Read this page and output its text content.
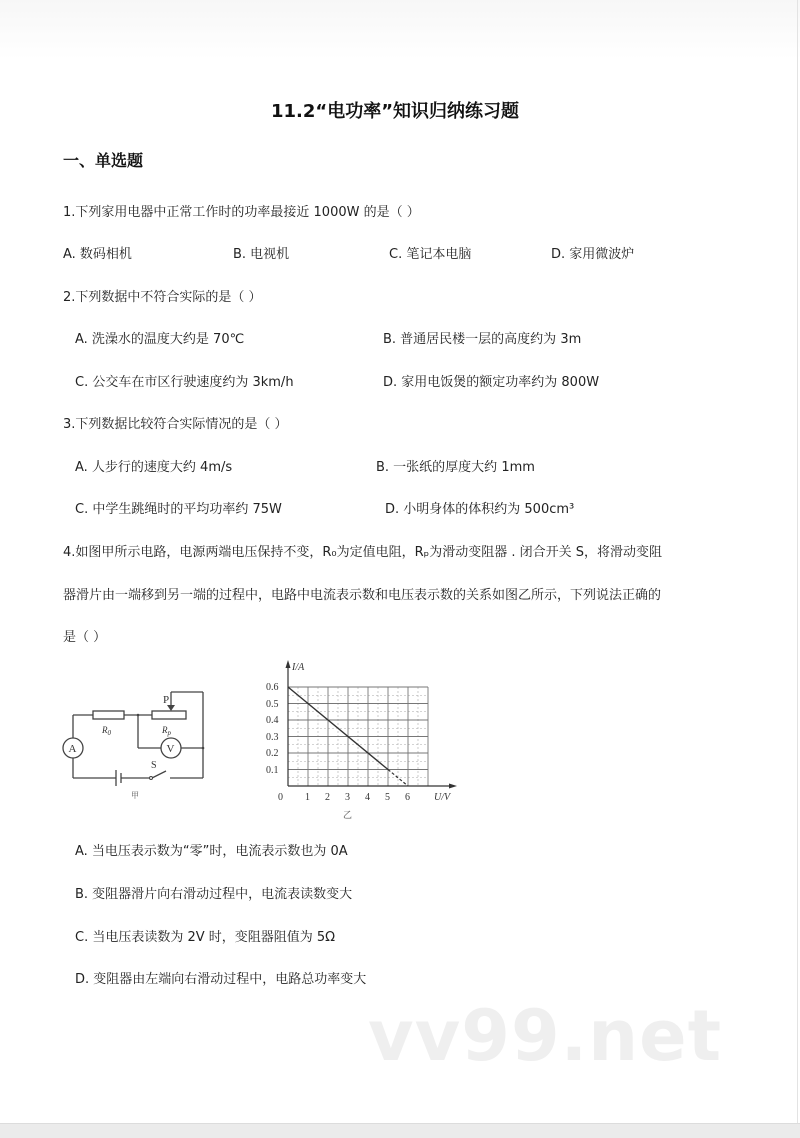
11.2“电功率”知识归纳练习题
一、单选题
1.下列家用电器中正常工作时的功率最接近 1000W 的是（ ）
A. 数码相机	B. 电视机	C. 笔记本电脑	D. 家用微波炉
2.下列数据中不符合实际的是（ ）
A. 洗澡水的温度大约是 70℃	B. 普通居民楼一层的高度约为 3m
C. 公交车在市区行驶速度约为 3km/h	D. 家用电饭煲的额定功率约为 800W
3.下列数据比较符合实际情况的是（ ）
A. 人步行的速度大约 4m/s	B. 一张纸的厚度大约 1mm
C. 中学生跳绳时的平均功率约 75W	D. 小明身体的体积约为 500cm³
4.如图甲所示电路，电源两端电压保持不变，R₀为定值电阻，Rₚ为滑动变阻器 . 闭合开关 S，将滑动变阻
器滑片由一端移到另一端的过程中，电路中电流表示数和电压表示数的关系如图乙所示，下列说法正确的
是（ ）
P
$R_0$	$R_p$
A	V
S
甲
I/A
0.6
0.5
0.4
0.3
0.2
0.1
0 1 2 3 4 5 6 U/V
乙
A. 当电压表示数为“零”时，电流表示数也为 0A
B. 变阻器滑片向右滑动过程中，电流表读数变大
C. 当电压表读数为 2V 时，变阻器阻值为 5Ω
D. 变阻器由左端向右滑动过程中，电路总功率变大
vv99.net
